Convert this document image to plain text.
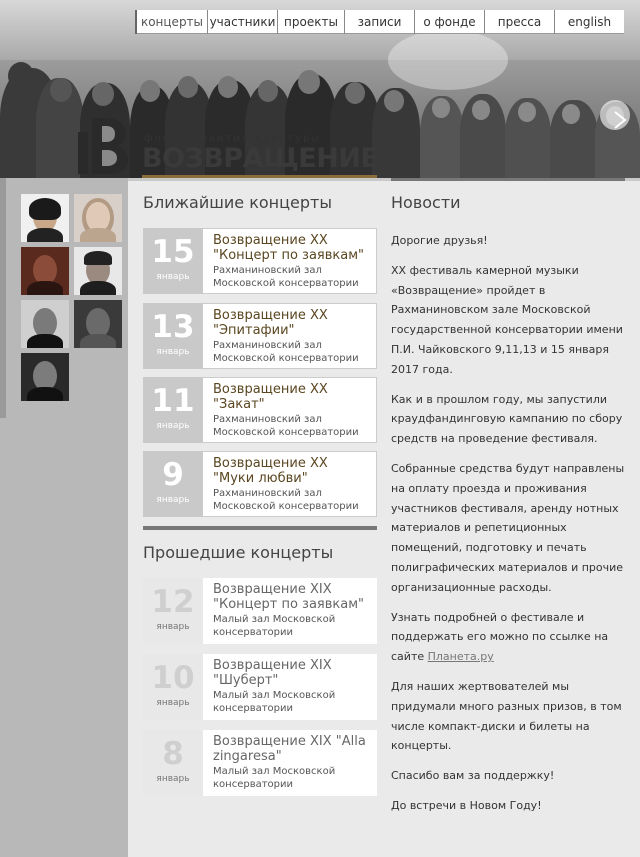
концерты участники проекты	записи	о фонде	пресса	english
фонд развития культуры
ВОЗВРАЩЕНИЕ
Ближайшие концерты
15
январь
Возвращение XX "Концерт по заявкам"
Рахманиновский зал Московской консерватории
13
январь
Возвращение XX "Эпитафии"
Рахманиновский зал Московской консерватории
11
январь
Возвращение XX "Закат"
Рахманиновский зал Московской консерватории
9
январь
Возвращение XX "Муки любви"
Рахманиновский зал Московской консерватории
Прошедшие концерты
12
январь
Возвращение XIX "Концерт по заявкам"
Малый зал Московской консерватории
10
январь
Возвращение XIX "Шуберт"
Малый зал Московской консерватории
8
январь
Возвращение XIX "Alla zingaresa"
Малый зал Московской консерватории
Новости

Дорогие друзья!

XX фестиваль камерной музыки «Возвращение» пройдет в Рахманиновском зале Московской государственной консерватории имени П.И. Чайковского 9,11,13 и 15 января 2017 года.

Как и в прошлом году, мы запустили краудфандинговую кампанию по сбору средств на проведение фестиваля.

Собранные средства будут направлены на оплату проезда и проживания участников фестиваля, аренду нотных материалов и репетиционных помещений, подготовку и печать полиграфических материалов и прочие организационные расходы.

Узнать подробней о фестивале и поддержать его можно по ссылке на сайте Планета.ру

Для наших жертвователей мы придумали много разных призов, в том числе компакт-диски и билеты на концерты.

Спасибо вам за поддержку!

До встречи в Новом Году!
